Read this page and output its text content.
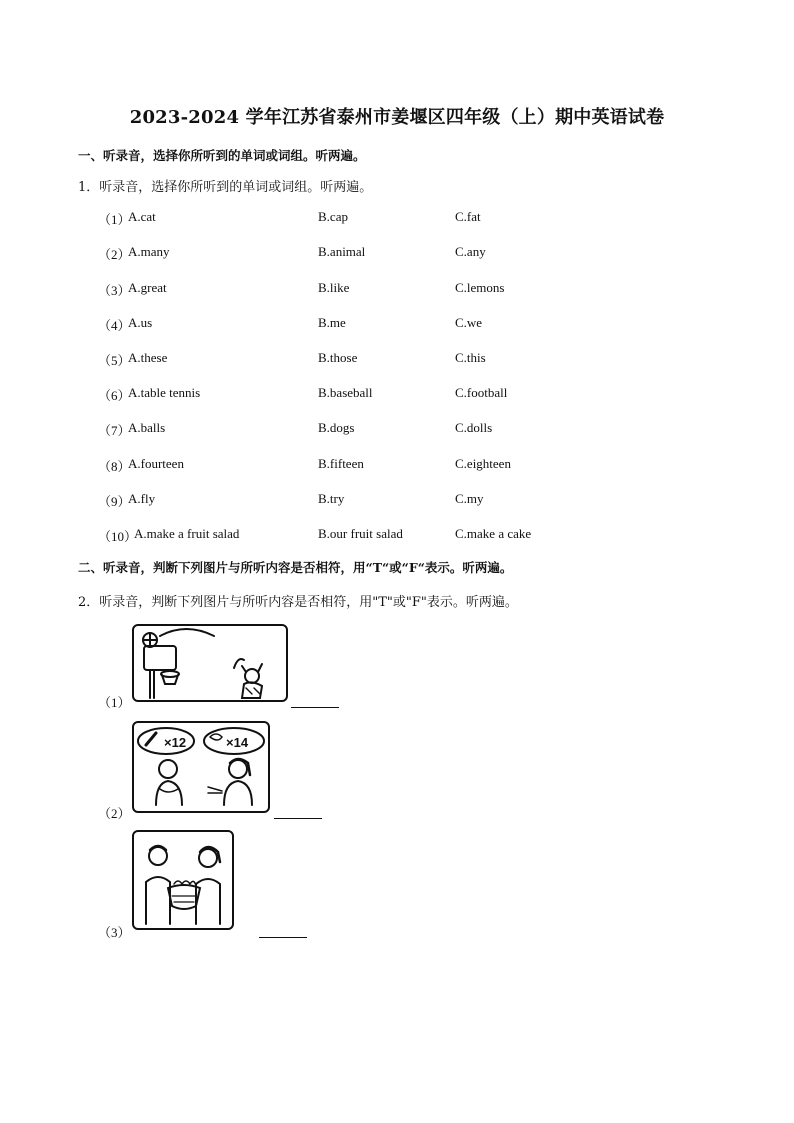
2023-2024 学年江苏省泰州市姜堰区四年级（上）期中英语试卷
一、听录音，选择你所听到的单词或词组。听两遍。
1．听录音，选择你所听到的单词或词组。听两遍。
（1）
A.cat	B.cap	C.fat
（2）
A.many	B.animal	C.any
（3）
A.great	B.like	C.lemons
（4）
A.us	B.me	C.we
（5）
A.these	B.those	C.this
（6）
A.table tennis	B.baseball	C.football
（7）
A.balls	B.dogs	C.dolls
（8）
A.fourteen	B.fifteen	C.eighteen
（9）
A.fly	B.try	C.my
（10）
A.make a fruit salad	B.our fruit salad	C.make a cake
二、听录音，判断下列图片与所听内容是否相符，用“T“或“F“表示。听两遍。
2．听录音，判断下列图片与所听内容是否相符，用"T"或"F"表示。听两遍。
（1）
（2）
×12	×14
（3）
